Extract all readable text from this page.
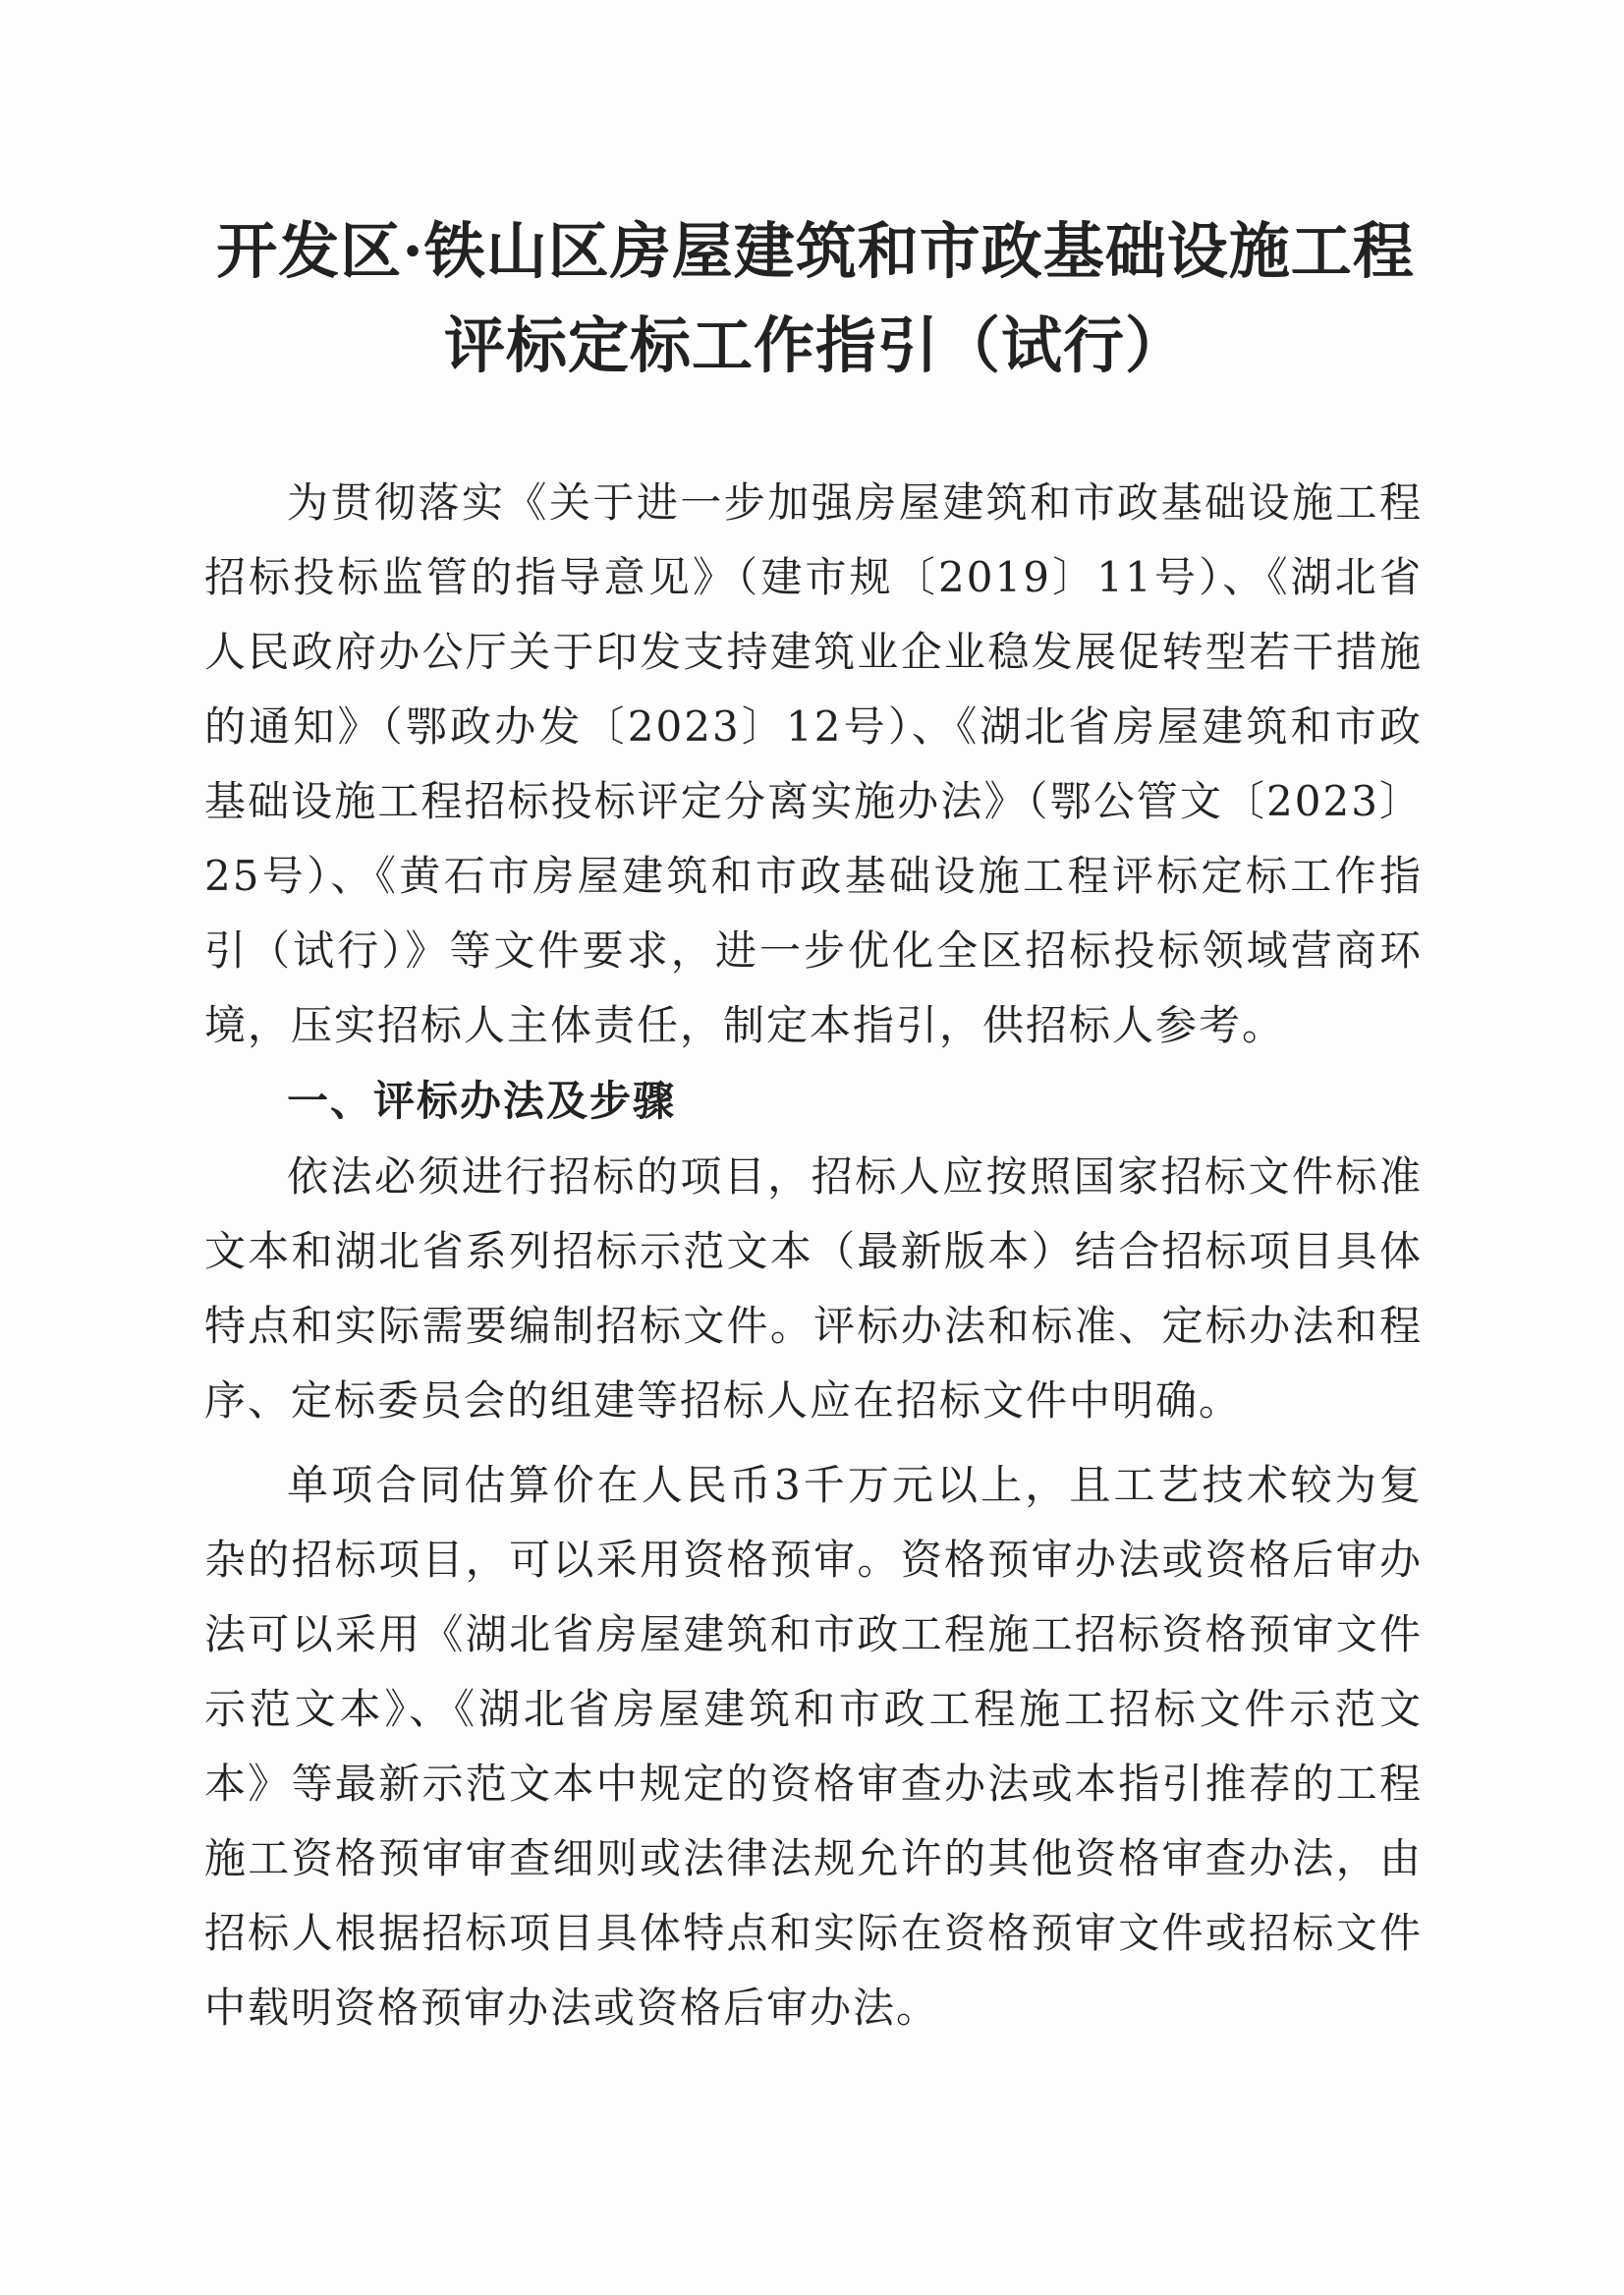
开发区·铁山区房屋建筑和市政基础设施工程
评标定标工作指引（试行）

为贯彻落实《关于进一步加强房屋建筑和市政基础设施工程招标投标监管的指导意见》（建市规〔2019〕11号）、《湖北省人民政府办公厅关于印发支持建筑业企业稳发展促转型若干措施的通知》（鄂政办发〔2023〕12号）、《湖北省房屋建筑和市政基础设施工程招标投标评定分离实施办法》（鄂公管文〔2023〕25号）、《黄石市房屋建筑和市政基础设施工程评标定标工作指引（试行）》等文件要求，进一步优化全区招标投标领域营商环境，压实招标人主体责任，制定本指引，供招标人参考。

一、评标办法及步骤

依法必须进行招标的项目，招标人应按照国家招标文件标准文本和湖北省系列招标示范文本（最新版本）结合招标项目具体特点和实际需要编制招标文件。评标办法和标准、定标办法和程序、定标委员会的组建等招标人应在招标文件中明确。

单项合同估算价在人民币3千万元以上，且工艺技术较为复杂的招标项目，可以采用资格预审。资格预审办法或资格后审办法可以采用《湖北省房屋建筑和市政工程施工招标资格预审文件示范文本》、《湖北省房屋建筑和市政工程施工招标文件示范文本》等最新示范文本中规定的资格审查办法或本指引推荐的工程施工资格预审审查细则或法律法规允许的其他资格审查办法，由招标人根据招标项目具体特点和实际在资格预审文件或招标文件中载明资格预审办法或资格后审办法。
